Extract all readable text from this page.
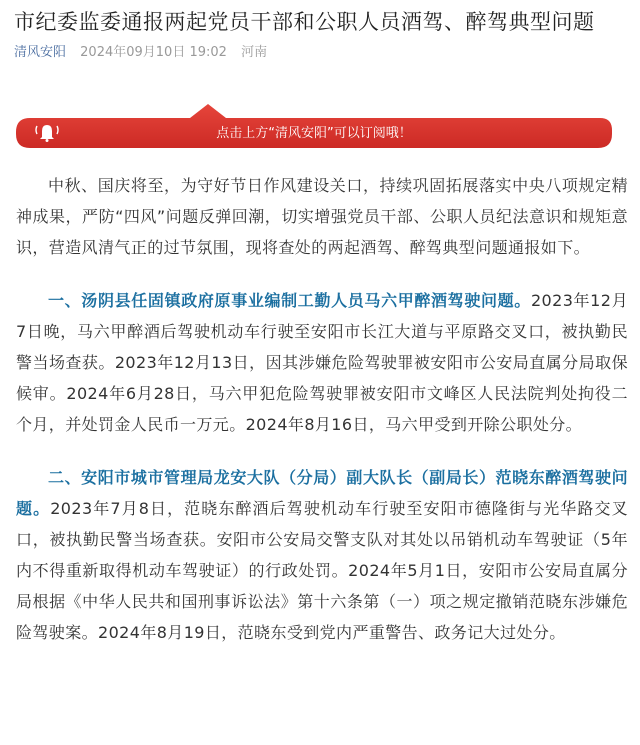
市纪委监委通报两起党员干部和公职人员酒驾、醉驾典型问题
清风安阳 2024年09月10日 19:02 河南
点击上方“清风安阳”可以订阅哦！

中秋、国庆将至，为守好节日作风建设关口，持续巩固拓展落实中央八项规定精神成果，严防“四风”问题反弹回潮，切实增强党员干部、公职人员纪法意识和规矩意识，营造风清气正的过节氛围，现将查处的两起酒驾、醉驾典型问题通报如下。

一、汤阴县任固镇政府原事业编制工勤人员马六甲醉酒驾驶问题。2023年12月7日晚，马六甲醉酒后驾驶机动车行驶至安阳市长江大道与平原路交叉口，被执勤民警当场查获。2023年12月13日，因其涉嫌危险驾驶罪被安阳市公安局直属分局取保候审。2024年6月28日，马六甲犯危险驾驶罪被安阳市文峰区人民法院判处拘役二个月，并处罚金人民币一万元。2024年8月16日，马六甲受到开除公职处分。

二、安阳市城市管理局龙安大队（分局）副大队长（副局长）范晓东醉酒驾驶问题。2023年7月8日，范晓东醉酒后驾驶机动车行驶至安阳市德隆街与光华路交叉口，被执勤民警当场查获。安阳市公安局交警支队对其处以吊销机动车驾驶证（5年内不得重新取得机动车驾驶证）的行政处罚。2024年5月1日，安阳市公安局直属分局根据《中华人民共和国刑事诉讼法》第十六条第（一）项之规定撤销范晓东涉嫌危险驾驶案。2024年8月19日，范晓东受到党内严重警告、政务记大过处分。
